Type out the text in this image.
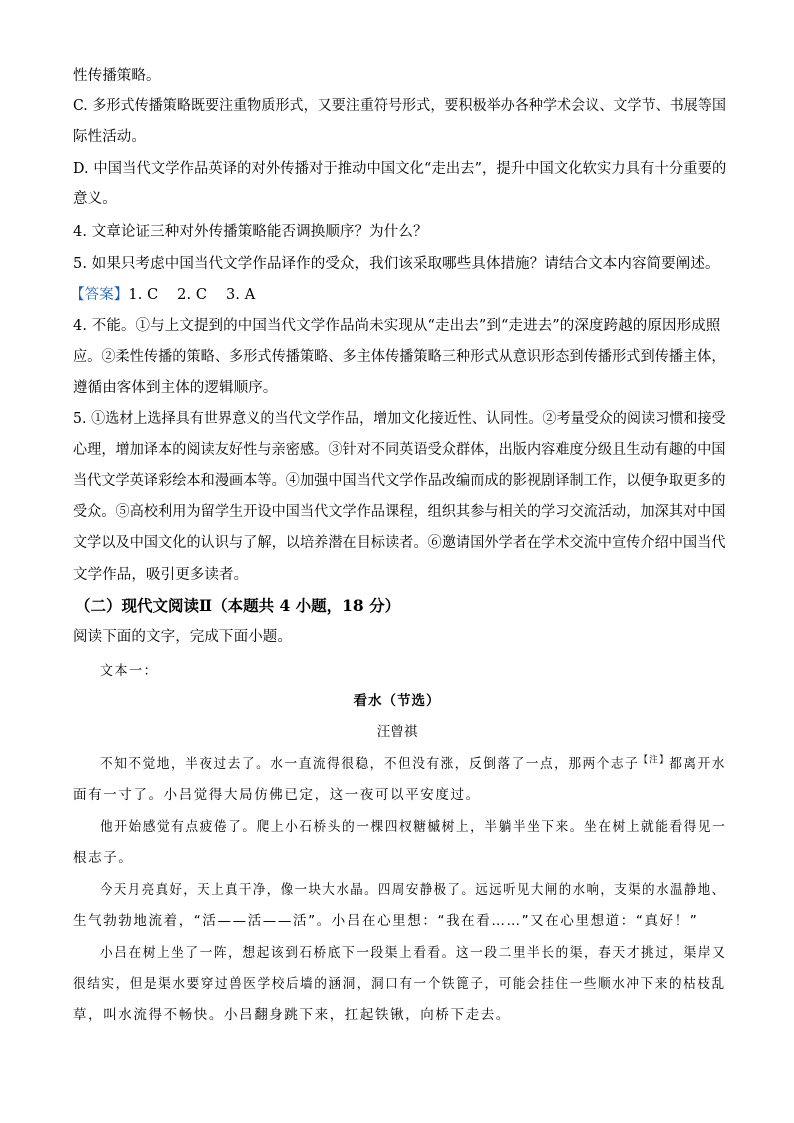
性传播策略。
C. 多形式传播策略既要注重物质形式，又要注重符号形式，要积极举办各种学术会议、文学节、书展等国
际性活动。
D. 中国当代文学作品英译的对外传播对于推动中国文化“走出去”，提升中国文化软实力具有十分重要的
意义。
4. 文章论证三种对外传播策略能否调换顺序？为什么？
5. 如果只考虑中国当代文学作品译作的受众，我们该采取哪些具体措施？请结合文本内容简要阐述。
【答案】1. C    2. C    3. A
4. 不能。①与上文提到的中国当代文学作品尚未实现从“走出去”到“走进去”的深度跨越的原因形成照
应。②柔性传播的策略、多形式传播策略、多主体传播策略三种形式从意识形态到传播形式到传播主体，
遵循由客体到主体的逻辑顺序。
5. ①选材上选择具有世界意义的当代文学作品，增加文化接近性、认同性。②考量受众的阅读习惯和接受
心理，增加译本的阅读友好性与亲密感。③针对不同英语受众群体，出版内容难度分级且生动有趣的中国
当代文学英译彩绘本和漫画本等。④加强中国当代文学作品改编而成的影视剧译制工作，以便争取更多的
受众。⑤高校利用为留学生开设中国当代文学作品课程，组织其参与相关的学习交流活动，加深其对中国
文学以及中国文化的认识与了解，以培养潜在目标读者。⑥邀请国外学者在学术交流中宣传介绍中国当代
文学作品，吸引更多读者。
（二）现代文阅读Ⅱ（本题共 4 小题，18 分）
阅读下面的文字，完成下面小题。
文本一：
看水（节选）
汪曾祺
不知不觉地，半夜过去了。水一直流得很稳，不但没有涨，反倒落了一点，那两个志子$^{【注】}$都离开水
面有一寸了。小吕觉得大局仿佛已定，这一夜可以平安度过。
他开始感觉有点疲倦了。爬上小石桥头的一棵四杈糖槭树上，半躺半坐下来。坐在树上就能看得见一
根志子。
今天月亮真好，天上真干净，像一块大水晶。四周安静极了。远远听见大闸的水响，支渠的水温静地、
生气勃勃地流着，“活——活——活”。小吕在心里想：“我在看……”又在心里想道：“真好！”
小吕在树上坐了一阵，想起该到石桥底下一段渠上看看。这一段二里半长的渠，春天才挑过，渠岸又
很结实，但是渠水要穿过兽医学校后墙的涵洞，洞口有一个铁篦子，可能会挂住一些顺水冲下来的枯枝乱
草，叫水流得不畅快。小吕翻身跳下来，扛起铁锹，向桥下走去。
